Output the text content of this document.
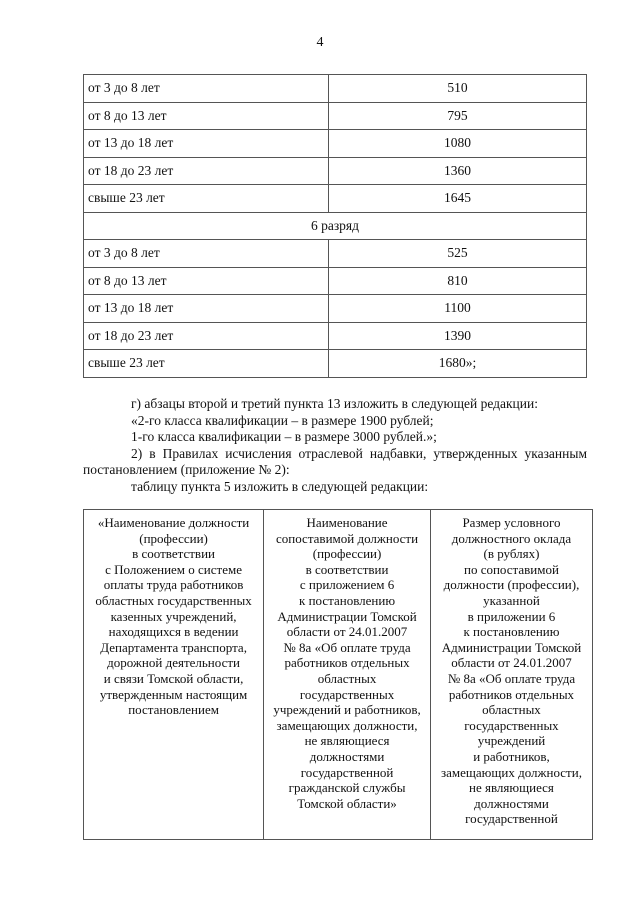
4
от 3 до 8 лет	510
от 8 до 13 лет	795
от 13 до 18 лет	1080
от 18 до 23 лет	1360
свыше 23 лет	1645
6 разряд	
от 3 до 8 лет	525
от 8 до 13 лет	810
от 13 до 18 лет	1100
от 18 до 23 лет	1390
свыше 23 лет	1680»;

г) абзацы второй и третий пункта 13 изложить в следующей редакции:

«2-го класса квалификации – в размере 1900 рублей;

1-го класса квалификации – в размере 3000 рублей.»;

2) в Правилах исчисления отраслевой надбавки, утвержденных указанным постановлением (приложение № 2):

таблицу пункта 5 изложить в следующей редакции:

«Наименование должности
(профессии)
в соответствии
с Положением о системе
оплаты труда работников
областных государственных
казенных учреждений,
находящихся в ведении
Департамента транспорта,
дорожной деятельности
и связи Томской области,
утвержденным настоящим
постановлением

Наименование
сопоставимой должности
(профессии)
в соответствии
с приложением 6
к постановлению
Администрации Томской
области от 24.01.2007
№ 8а «Об оплате труда
работников отдельных
областных
государственных
учреждений и работников,
замещающих должности,
не являющиеся
должностями
государственной
гражданской службы
Томской области»

Размер условного
должностного оклада
(в рублях)
по сопоставимой
должности (профессии),
указанной
в приложении 6
к постановлению
Администрации Томской
области от 24.01.2007
№ 8а «Об оплате труда
работников отдельных
областных
государственных
учреждений
и работников,
замещающих должности,
не являющиеся
должностями
государственной
